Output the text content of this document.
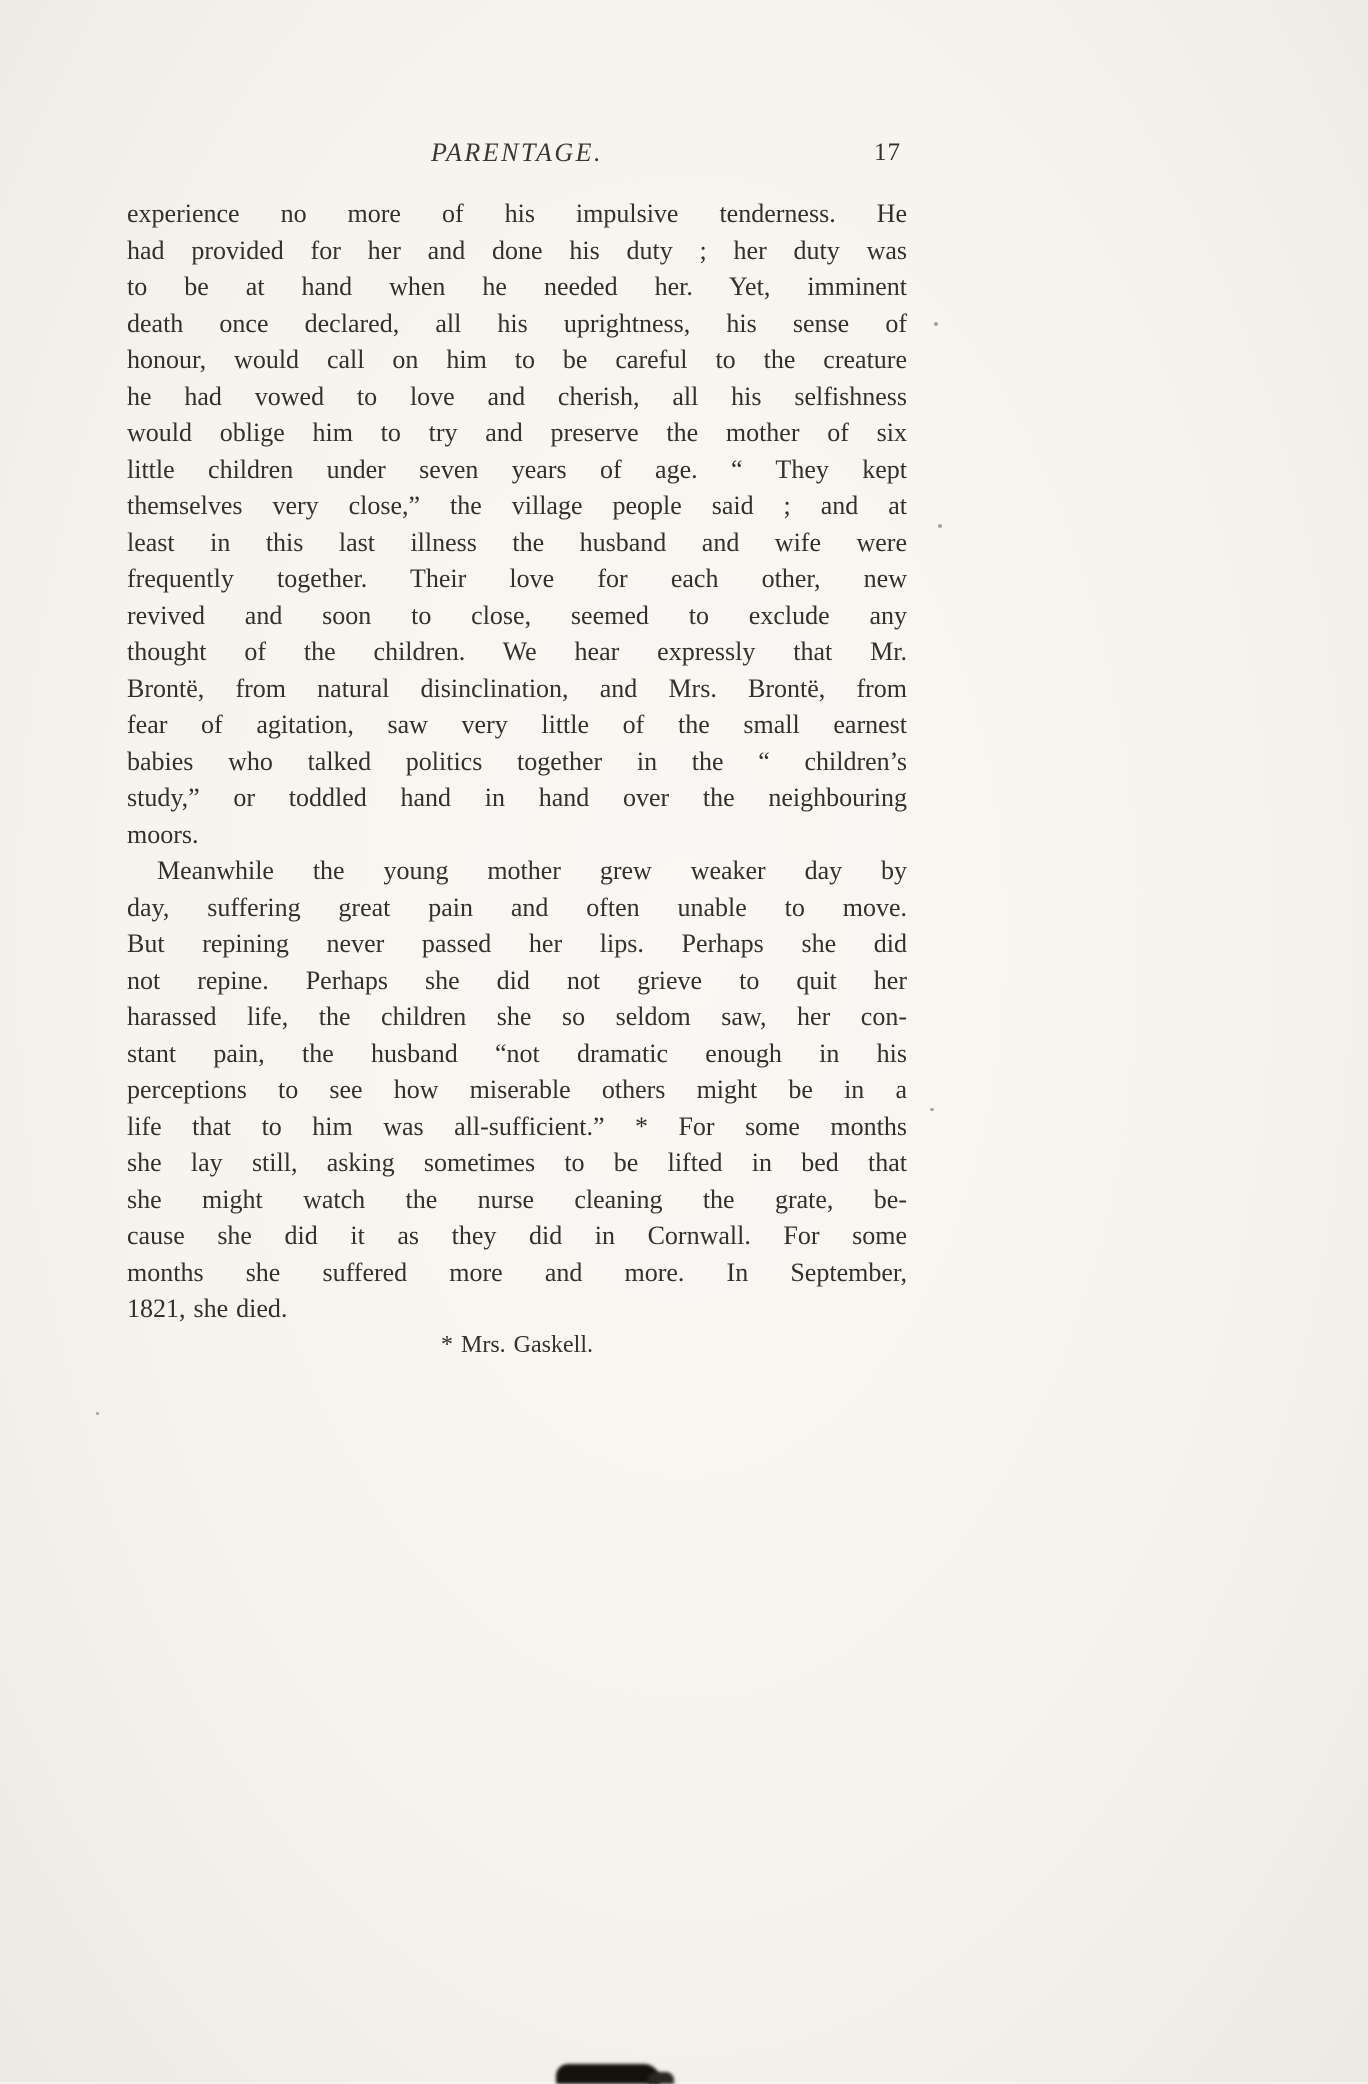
PARENTAGE.	17
experience no more of his impulsive tenderness. He
had provided for her and done his duty ; her duty was
to be at hand when he needed her. Yet, imminent
death once declared, all his uprightness, his sense of
honour, would call on him to be careful to the creature
he had vowed to love and cherish, all his selfishness
would oblige him to try and preserve the mother of six
little children under seven years of age. “ They kept
themselves very close,” the village people said ; and at
least in this last illness the husband and wife were
frequently together. Their love for each other, new
revived and soon to close, seemed to exclude any
thought of the children. We hear expressly that Mr.
Brontë, from natural disinclination, and Mrs. Brontë, from
fear of agitation, saw very little of the small earnest
babies who talked politics together in the “ children’s
study,” or toddled hand in hand over the neighbouring
moors.
Meanwhile the young mother grew weaker day by
day, suffering great pain and often unable to move.
But repining never passed her lips. Perhaps she did
not repine. Perhaps she did not grieve to quit her
harassed life, the children she so seldom saw, her con-
stant pain, the husband “not dramatic enough in his
perceptions to see how miserable others might be in a
life that to him was all-sufficient.” * For some months
she lay still, asking sometimes to be lifted in bed that
she might watch the nurse cleaning the grate, be-
cause she did it as they did in Cornwall. For some
months she suffered more and more. In September,
1821, she died.
* Mrs. Gaskell.
